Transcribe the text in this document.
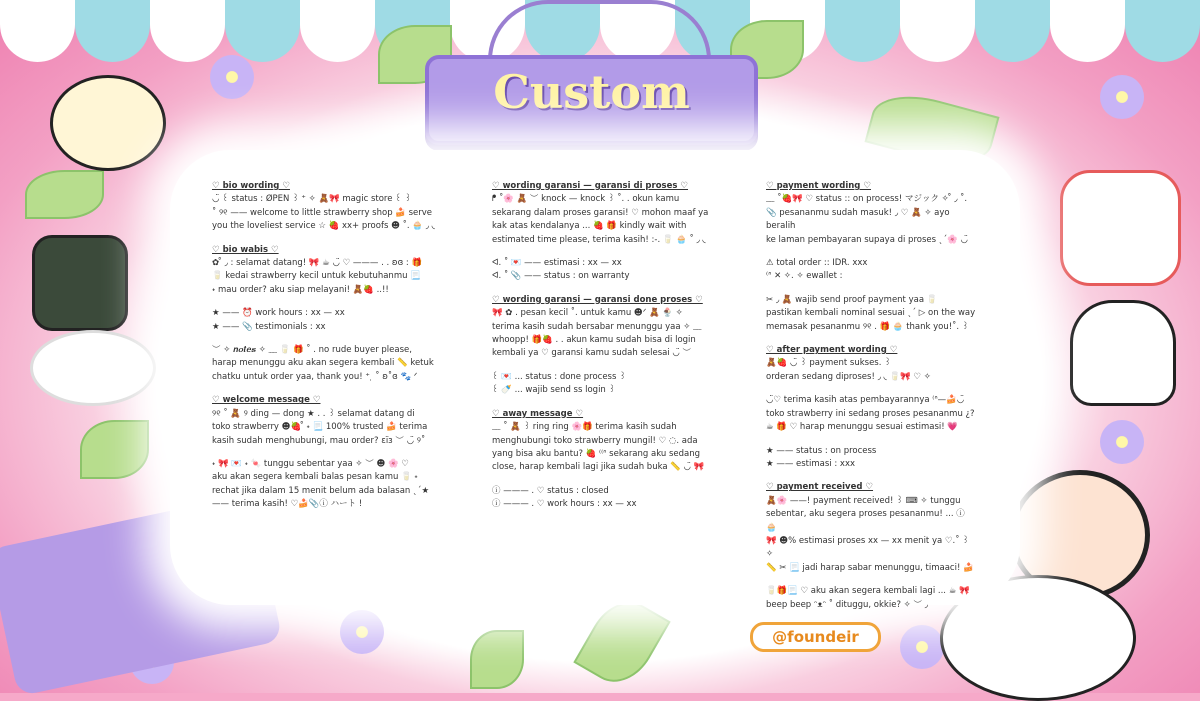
Custom
♡ bio wording ♡
◡̈ ꒰ status : ØPEN ꒱ ⁺ ✧ 🧸🎀 magic store ꒰ ꒱
˚ ୨୧ —— welcome to little strawberry shop 🍰 serve
you the loveliest service ☆ 🍓 xx+ proofs ☻ ˚. 🧁 ◞ ◟
♡ bio wabis ♡
✿ ̊ ◞ : selamat datang! 🎀 ☕ ◡̈ ♡ ——— . . ʚɞ : 🎁
🥛 kedai strawberry kecil untuk kebutuhanmu 📃
˖ mau order? aku siap melayani! 🧸🍓 ..!!
★ —— ⏰ work hours : xx — xx
★ —— 📎 testimonials : xx
︶ ✧ 𝒏𝒐𝒕𝒆𝒔 ✧ ﹏ 🥛 🎁 ˚ . no rude buyer please,
harap menunggu aku akan segera kembali 📏 ketuk
chatku untuk order yaa, thank you! ⁺ ̣ ˚ ʚ˚ɞ 🐾 ᐟ
♡ welcome message ♡
୨୧ ˚ 🧸 ୨ ding — dong ★ . . ꒱ selamat datang di
toko strawberry ☻🍓 ̊ ˖ 📃 100% trusted 🍰 terima
kasih sudah menghubungi, mau order? ɛïɜ ︶ ◡̈ ୨˚
˖ 🎀 💌 ˖ 🍬 tunggu sebentar yaa ✧ ︶ ☻ 🌸 ♡
aku akan segera kembali balas pesan kamu 🥛 ˖
rechat jika dalam 15 menit belum ada balasan ˎˊ★
—— terima kasih! ♡🍰📎ⓘ ハート !
♡ wording garansi — garansi di proses ♡
ᖰ ˚🌸 🧸 ︶ knock — knock ꒱ ˚. . okun kamu
sekarang dalam proses garansi! ♡ mohon maaf ya
kak atas kendalanya ... 🍓 🎁 kindly wait with
estimated time please, terima kasih! :-. 🥛 🧁 ˚ ◞ ◟
ᐊ. ˚ 💌 —— estimasi : xx — xx
ᐊ. ˚ 📎 —— status : on warranty
♡ wording garansi — garansi done proses ♡
🎀 ✿ . pesan kecil ˚. untuk kamu ☻ᐟ 🧸 🍨 ✧
terima kasih sudah bersabar menunggu yaa ✧ ﹏
whoopp! 🎁🍓 . . akun kamu sudah bisa di login
kembali ya ♡ garansi kamu sudah selesai ◡̈ ︶
꒰ 💌 ... status : done process ꒱
꒰ 🍼 ... wajib send ss login ꒱
♡ away message ♡
﹏ ˚ 🧸 ꒱ ring ring 🌸🎁 terima kasih sudah
menghubungi toko strawberry mungil! ♡ ◌. ada
yang bisa aku bantu? 🍓 ⁽⁽ᐢ sekarang aku sedang
close, harap kembali lagi jika sudah buka 📏 ◡̈ 🎀
ⓘ ——— . ♡ status : closed
ⓘ ——— . ♡ work hours : xx — xx
♡ payment wording ♡
﹏ ˚🍓🎀 ♡ status :: on process! マジック ✧ ̊ ◞ ˚.
📎 pesananmu sudah masuk! ◞ ♡ 🧸 ✧ ayo beralih
ke laman pembayaran supaya di proses ˎˊ🌸 ◡̈
⚠ total order :: IDR. xxx
⁽ᐢ ✕ ✧. ✧ ewallet :
✂ ◞ 🧸 wajib send proof payment yaa 🥛
pastikan kembali nominal sesuai ˎˊ ▷ on the way
memasak pesananmu ୨୧ . 🎁 🧁 thank you!˚. ꒱
♡ after payment wording ♡
🧸🍓 ◡̈ ꒱ payment sukses. ꒱
orderan sedang diproses! ◞ ◟ 🥛🎀 ♡ ✧
◡̈♡ terima kasih atas pembayarannya ⁽ᐢ—🍰◡̈
toko strawberry ini sedang proses pesananmu ¿?
☕ 🎁 ♡ harap menunggu sesuai estimasi! 💗
★ —— status : on process
★ —— estimasi : xxx
♡ payment received ♡
🧸🌸 ——! payment received! ꒱ ⌨ ✧ tunggu
sebentar, aku segera proses pesananmu! ... ⓘ 🧁
🎀 ☻% estimasi proses xx — xx menit ya ♡.˚ ꒱ ✧
📏 ✂ 📃 jadi harap sabar menunggu, timaaci! 🍰
🥛🎁📃 ♡ aku akan segera kembali lagi ... ☕ 🎀
beep beep ᵔᴥᵔ ˚ dituggu, okkie? ✧ ︶ ◞
@foundeir
